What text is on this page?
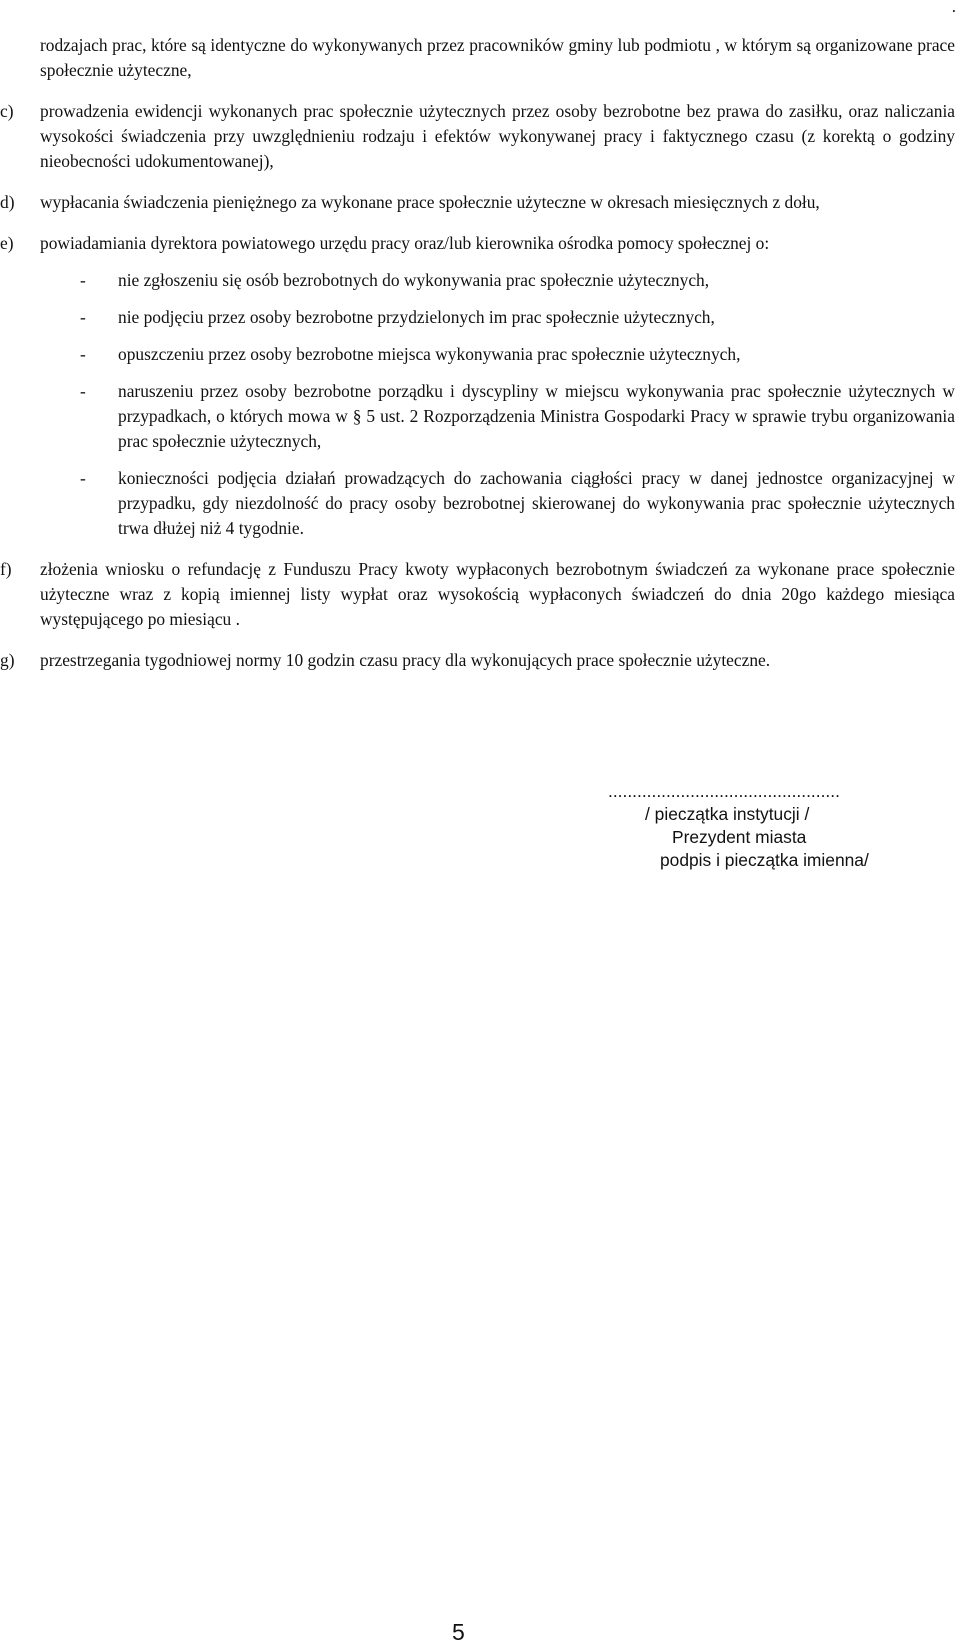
.
rodzajach prac, które są identyczne do wykonywanych przez pracowników gminy lub podmiotu , w którym są organizowane prace społecznie użyteczne,
c) prowadzenia ewidencji wykonanych prac społecznie użytecznych przez osoby bezrobotne bez prawa do zasiłku, oraz naliczania wysokości świadczenia przy uwzględnieniu rodzaju i efektów wykonywanej pracy i faktycznego czasu (z korektą o godziny nieobecności udokumentowanej),
d) wypłacania świadczenia pieniężnego za wykonane prace społecznie użyteczne w okresach miesięcznych z dołu,
e) powiadamiania dyrektora powiatowego urzędu pracy oraz/lub kierownika ośrodka pomocy społecznej o:
- nie zgłoszeniu się osób bezrobotnych do wykonywania prac społecznie użytecznych,
- nie podjęciu przez osoby bezrobotne przydzielonych im prac społecznie użytecznych,
- opuszczeniu przez osoby bezrobotne miejsca wykonywania prac społecznie użytecznych,
- naruszeniu przez osoby bezrobotne porządku i dyscypliny w miejscu wykonywania prac społecznie użytecznych w przypadkach, o których mowa w § 5 ust. 2 Rozporządzenia Ministra Gospodarki Pracy w sprawie trybu organizowania prac społecznie użytecznych,
- konieczności podjęcia działań prowadzących do zachowania ciągłości pracy w danej jednostce organizacyjnej w przypadku, gdy niezdolność do pracy osoby bezrobotnej skierowanej do wykonywania prac społecznie użytecznych trwa dłużej niż 4 tygodnie.
f) złożenia wniosku o refundację z Funduszu Pracy kwoty wypłaconych bezrobotnym świadczeń za wykonane prace społecznie użyteczne wraz z kopią imiennej listy wypłat oraz wysokością wypłaconych świadczeń do dnia 20go każdego miesiąca występującego po miesiącu .
g) przestrzegania tygodniowej normy 10 godzin czasu pracy dla wykonujących prace społecznie użyteczne.
................................................
/ pieczątka instytucji /
Prezydent miasta
podpis i pieczątka imienna/
5
